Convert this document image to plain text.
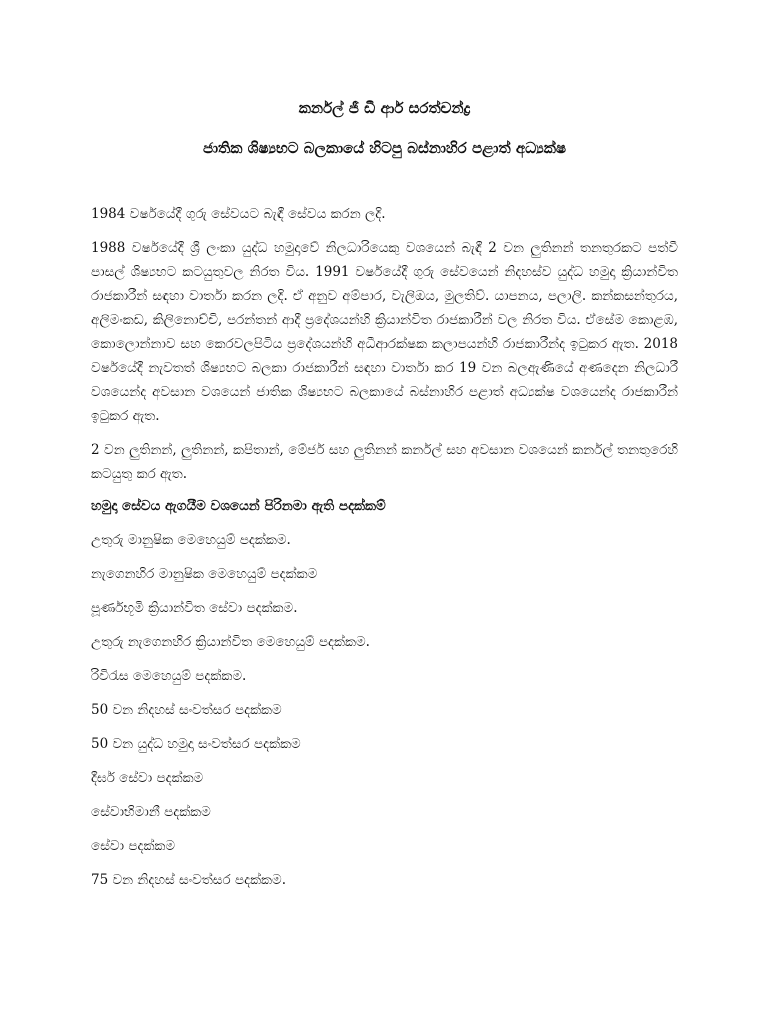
කර්නල් ජී ඩී ආර් සරත්චන්ද්‍ර
ජාතික ශිෂ්‍යභට බලකායේ හිටපු බස්නාහිර පළාත් අධ්‍යක්ෂ

1984 වර්ෂයේදී ගුරු සේවයට බැඳී සේවය කරන ලදි.

1988 වර්ෂයේදී ශ්‍රී ලංකා යුද්ධ හමුදාවේ නිලධාරියෙකු වශයෙන් බැඳී 2 වන ලුතිනන් තනතුරකට පත්වී පාසල් ශිෂ්‍යභට කටයුතුවල නිරත විය. 1991 වර්ෂයේදී ගුරු සේවයෙන් නිදහස්ව යුද්ධ හමුදා ක්‍රියාන්විත රාජකාරීන් සඳහා වාර්තා කරන ලදි. ඒ අනුව අම්පාර, වැලිඔය, මුලතිව්. යාපනය, පලාලි. කන්කසන්තුරය, අලිමංකඩ, කිලිනොච්චි, පරන්තන් ආදී ප්‍රදේශයන්හි ක්‍රියාන්විත රාජකාරීන් වල නිරත විය. ඒසේම කොළඹ, කොලොන්නාව සහ කෙරවලපිටිය ප්‍රදේශයන්හි අධීආරක්ෂක කලාපයන්හි රාජකාරීන්ද ඉටුකර ඇත. 2018 වර්ෂයේදී නැවතත් ශිෂ්‍යභට බලකා රාජකාරීන් සඳහා වාර්තා කර 19 වන බලඇණියේ අණදෙන නිලධාරී වශයෙන්ද අවසාන වශයෙන් ජාතික ශිෂ්‍යභට බලකායේ බස්නාහිර පළාත් අධ්‍යක්ෂ වශයෙන්ද රාජකාරීන් ඉටුකර ඇත.

2 වන ලුතිනන්, ලුතිනන්, කපිතාන්, මේජර් සහ ලුතිනන් කර්නල් සහ අවසාන වශයෙන් කර්නල් තනතුරෙහි කටයුතු කර ඇත.

හමුදා සේවය ඇගයීම වශයෙන් පිරිනමා ඇති පදක්කම්

උතුරු මානුෂික මෙහෙයුම් පදක්කම.
නැගෙනහිර මානුෂික මෙහෙයුම් පදක්කම
පූර්ණභූමි ක්‍රියාන්විත සේවා පදක්කම.
උතුරු නැගෙනහිර ක්‍රියාන්විත මෙහෙයුම් පදක්කම.
රිවිරැස මෙහෙයුම් පදක්කම.
50 වන නිදහස් සංවත්සර පදක්කම
50 වන යුද්ධ හමුදා සංවත්සර පදක්කම
දීර්ඝ සේවා පදක්කම
සේවාභිමානී පදක්කම
සේවා පදක්කම
75 වන නිදහස් සංවත්සර පදක්කම.
